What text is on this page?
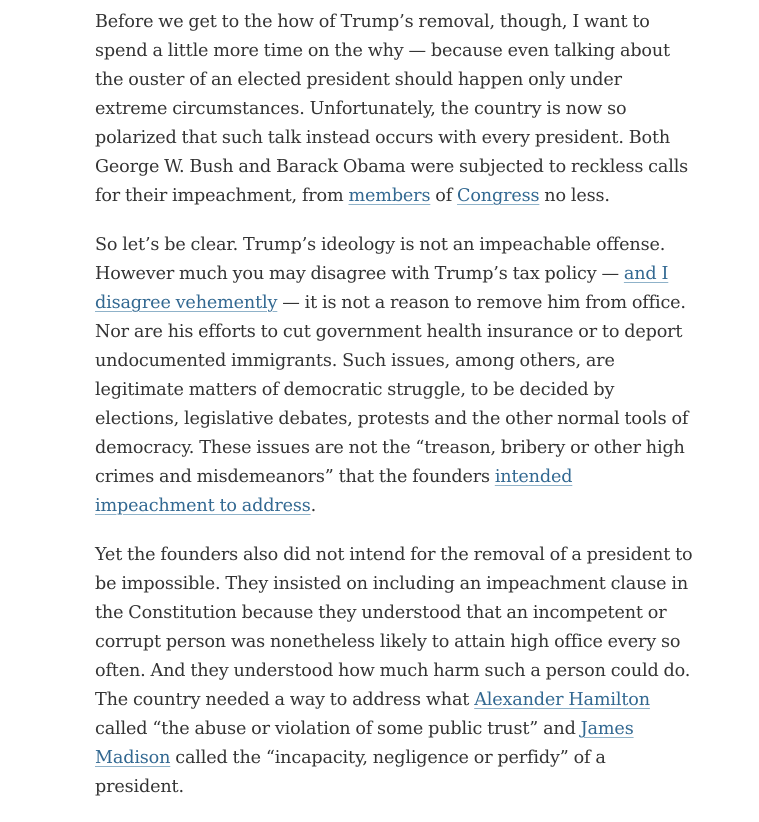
Before we get to the how of Trump’s removal, though, I want to spend a little more time on the why — because even talking about the ouster of an elected president should happen only under extreme circumstances. Unfortunately, the country is now so polarized that such talk instead occurs with every president. Both George W. Bush and Barack Obama were subjected to reckless calls for their impeachment, from members of Congress no less.

So let’s be clear. Trump’s ideology is not an impeachable offense. However much you may disagree with Trump’s tax policy — and I disagree vehemently — it is not a reason to remove him from office. Nor are his efforts to cut government health insurance or to deport undocumented immigrants. Such issues, among others, are legitimate matters of democratic struggle, to be decided by elections, legislative debates, protests and the other normal tools of democracy. These issues are not the “treason, bribery or other high crimes and misdemeanors” that the founders intended impeachment to address.

Yet the founders also did not intend for the removal of a president to be impossible. They insisted on including an impeachment clause in the Constitution because they understood that an incompetent or corrupt person was nonetheless likely to attain high office every so often. And they understood how much harm such a person could do. The country needed a way to address what Alexander Hamilton called “the abuse or violation of some public trust” and James Madison called the “incapacity, negligence or perfidy” of a president.
